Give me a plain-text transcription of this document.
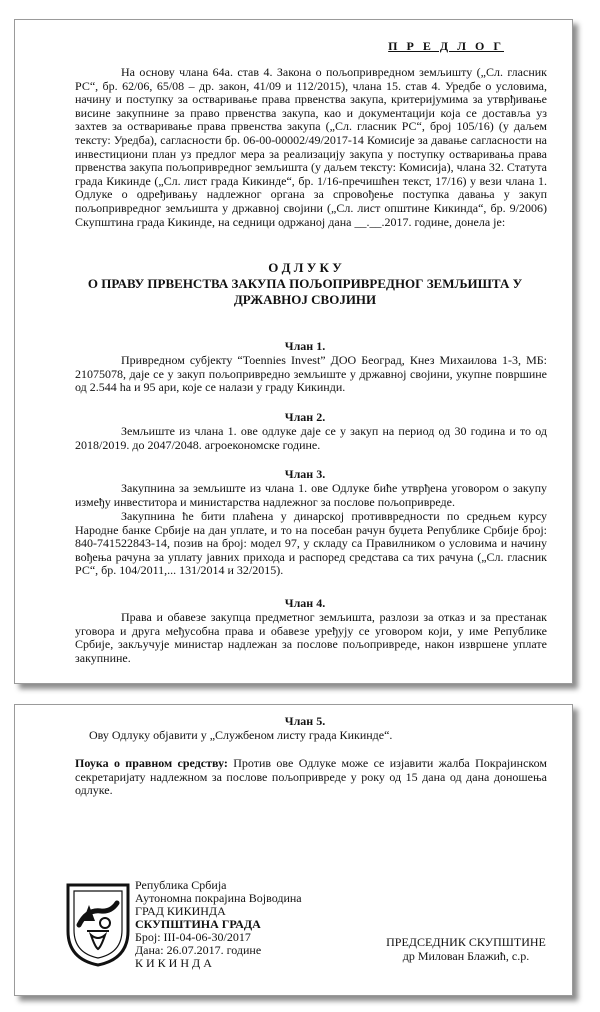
П Р Е Д Л О Г

На основу члана 64а. став 4. Закона о пољопривредном земљишту („Сл. гласник РС“, бр. 62/06, 65/08 – др. закон, 41/09 и 112/2015), члана 15. став 4. Уредбе о условима, начину и поступку за остваривање права првенства закупа, критеријумима за утврђивање висине закупнине за право првенства закупа, као и документацији која се доставља уз захтев за остваривање права првенства закупа („Сл. гласник РС“, број 105/16) (у даљем тексту: Уредба), сагласности бр. 06-00-00002/49/2017-14 Комисије за давање сагласности на инвестициони план уз предлог мера за реализацију закупа у поступку остваривања права првенства закупа пољопривредног земљишта (у даљем тексту: Комисија), члана 32. Статута града Кикинде („Сл. лист града Кикинде“, бр. 1/16-пречишћен текст, 17/16) у вези члана 1. Одлуке о одређивању надлежног органа за спровођење поступка давања у закуп пољопривредног земљишта у државној својини („Сл. лист општине Кикинда“, бр. 9/2006) Скупштина града Кикинде, на седници одржаној дана __.__.2017. године, донела је:

О Д Л У К У
О ПРАВУ ПРВЕНСТВА ЗАКУПА ПОЉОПРИВРЕДНОГ ЗЕМЉИШТА У
ДРЖАВНОЈ СВОЈИНИ
Члан 1.

Привредном субјекту “Toennies Invest” ДОО Београд, Кнез Михаилова 1-3, МБ: 21075078, даје се у закуп пољопривредно земљиште у државној својини, укупне површине од 2.544 ha и 95 ари, које се налази у граду Кикинди.

Члан 2.

Земљиште из члана 1. ове одлуке даје се у закуп на период од 30 година и то од 2018/2019. до 2047/2048. агроекономске године.

Члан 3.

Закупнина за земљиште из члана 1. ове Одлуке биће утврђена уговором о закупу између инвеститора и министарства надлежног за послове пољопривреде.

Закупнина ће бити плаћена у динарској противвредности по средњем курсу Народне банке Србије на дан уплате, и то на посебан рачун буџета Републике Србије број: 840-741522843-14, позив на број: модел 97, у складу са Правилником о условима и начину вођења рачуна за уплату јавних прихода и распоред средстава са тих рачуна („Сл. гласник РС“, бр. 104/2011,... 131/2014 и 32/2015).

Члан 4.

Права и обавезе закупца предметног земљишта, разлози за отказ и за престанак уговора и друга међусобна права и обавезе уређују се уговором који, у име Републике Србије, закључује министар надлежан за послове пољопривреде, након извршене уплате закупнине.

Члан 5.

Ову Одлуку објавити у „Службеном листу града Кикинде“.

Поука о правном средству: Против ове Одлуке може се изјавити жалба Покрајинском секретаријату надлежном за послове пољопривреде у року од 15 дана од дана доношења одлуке.

Република Србија
Аутономна покрајина Војводина
ГРАД КИКИНДА
СКУПШТИНА ГРАДА
Број: III-04-06-30/2017
Дана: 26.07.2017. године
К И К И Н Д А
ПРЕДСЕДНИК СКУПШТИНЕ
др Милован Блажић, с.р.
